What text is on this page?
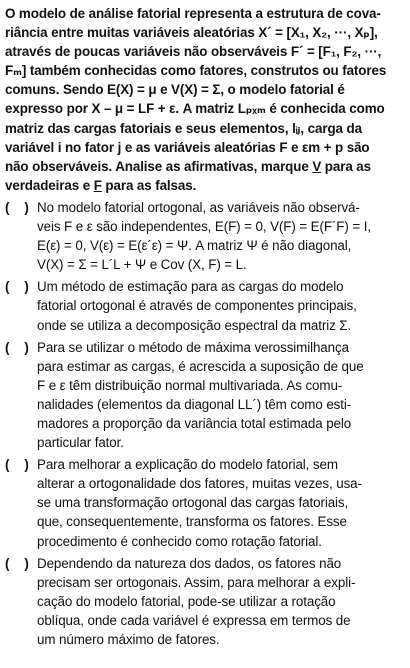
O modelo de análise fatorial representa a estrutura de cova-
riância entre muitas variáveis aleatórias X´ = [X₁, X₂, ···, Xₚ],
através de poucas variáveis não observáveis F´ = [F₁, F₂, ···,
Fₘ] também conhecidas como fatores, construtos ou fatores
comuns. Sendo E(X) = μ e V(X) = Σ, o modelo fatorial é
expresso por X – μ = LF + ε. A matriz Lₚₓₘ é conhecida como
matriz das cargas fatoriais e seus elementos, lᵢⱼ, carga da
variável i no fator j e as variáveis aleatórias F e εm + p são
não observáveis. Analise as afirmativas, marque V para as
verdadeiras e F para as falsas.
(    ) No modelo fatorial ortogonal, as variáveis não observá-
veis F e ε são independentes, E(F) = 0, V(F) = E(F´F) = I,
E(ε) = 0, V(ε) = E(ε´ε) = Ψ. A matriz Ψ é não diagonal,
V(X) = Σ = L´L + Ψ e Cov (X, F) = L.
(    ) Um método de estimação para as cargas do modelo
fatorial ortogonal é através de componentes principais,
onde se utiliza a decomposição espectral da matriz Σ.
(    ) Para se utilizar o método de máxima verossimilhança
para estimar as cargas, é acrescida a suposição de que
F e ε têm distribuição normal multivariada. As comu-
nalidades (elementos da diagonal LL´) têm como esti-
madores a proporção da variância total estimada pelo
particular fator.
(    ) Para melhorar a explicação do modelo fatorial, sem
alterar a ortogonalidade dos fatores, muitas vezes, usa-
se uma transformação ortogonal das cargas fatoriais,
que, consequentemente, transforma os fatores. Esse
procedimento é conhecido como rotação fatorial.
(    ) Dependendo da natureza dos dados, os fatores não
precisam ser ortogonais. Assim, para melhorar a expli-
cação do modelo fatorial, pode-se utilizar a rotação
oblíqua, onde cada variável é expressa em termos de
um número máximo de fatores.
